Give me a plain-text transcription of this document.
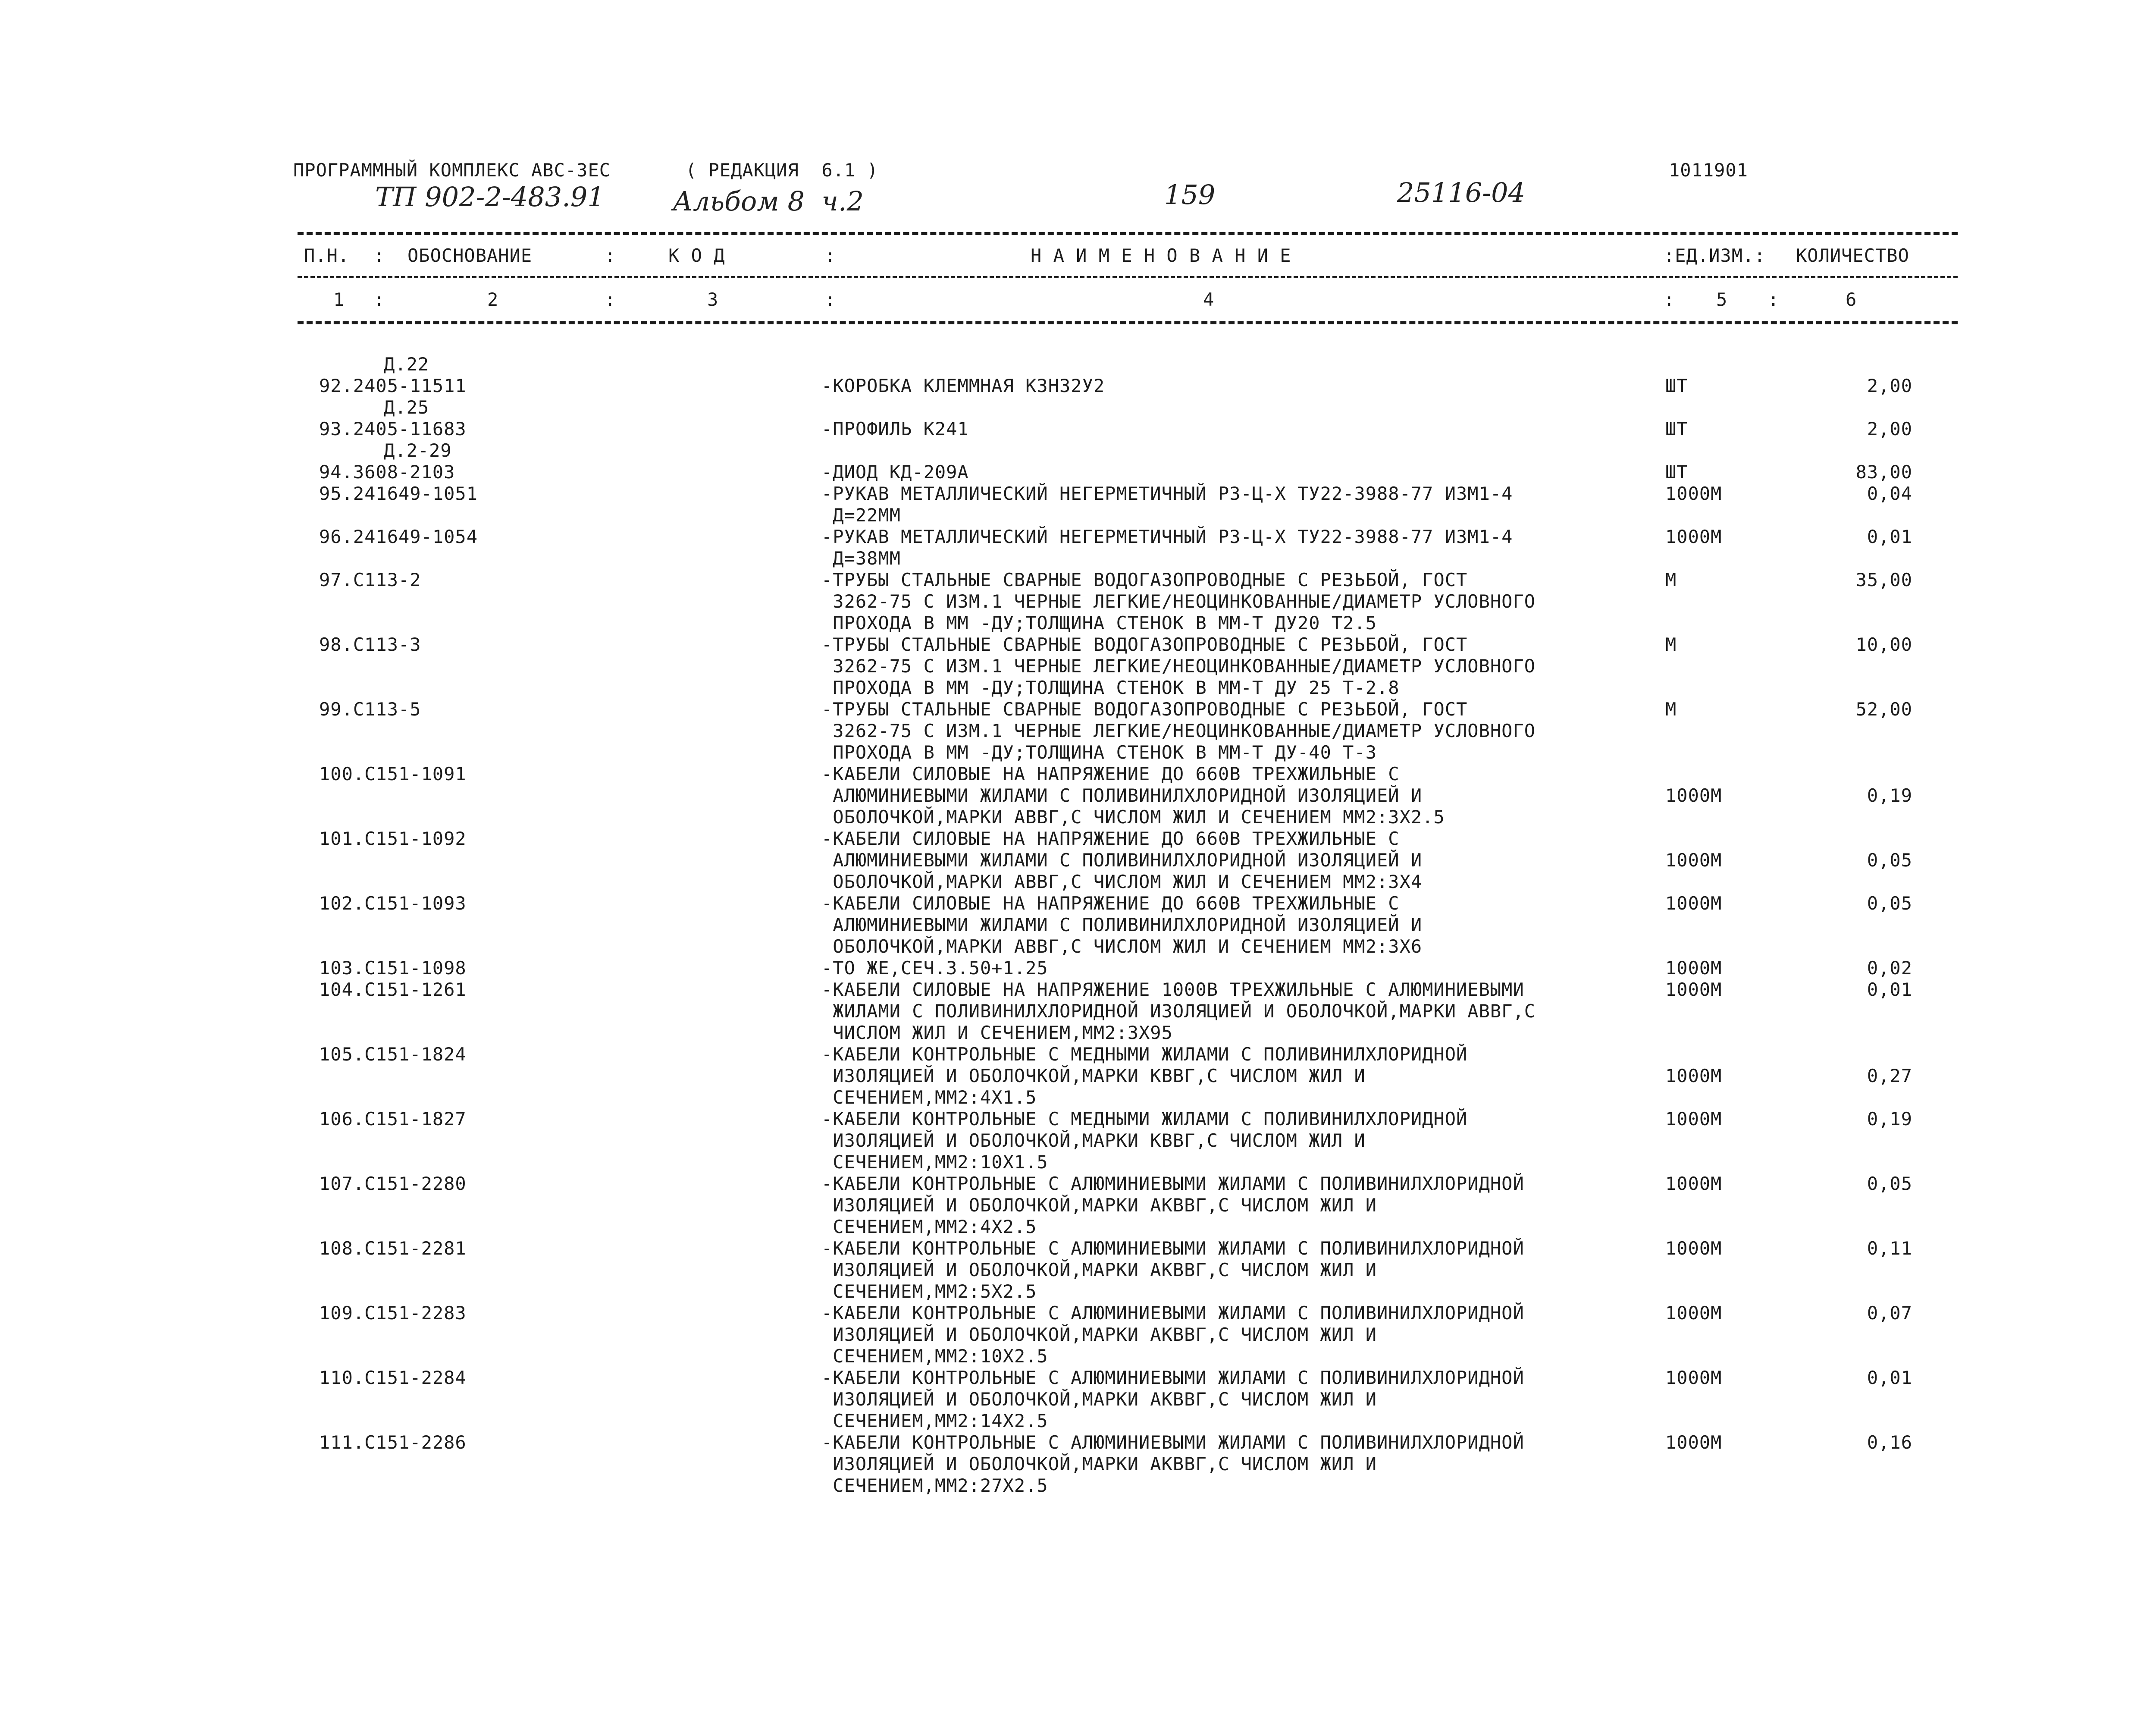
ПРОГРАММНЫЙ КОМПЛЕКС АВС-3ЕС	( РЕДАКЦИЯ  6.1 )	1011901
ТП 902-2-483.91	Альбом 8  ч.2	159	25116-04
П.Н. : ОБОСНОВАНИЕ	:	К О Д	:	Н А И М Е Н О В А Н И Е	:ЕД.ИЗМ.: КОЛИЧЕСТВО
1 :	2	:	3	:	4	: 5 :	6
Д.22
92.2405-11511	-КОРОБКА КЛЕММНАЯ КЗН32У2	ШТ	2,00
Д.25
93.2405-11683	-ПРОФИЛЬ К241	ШТ	2,00
Д.2-29
94.3608-2103	-ДИОД КД-209А	ШТ	83,00
95.241649-1051	-РУКАВ МЕТАЛЛИЧЕСКИЙ НЕГЕРМЕТИЧНЫЙ РЗ-Ц-Х ТУ22-3988-77 ИЗМ1-4
Д=22ММ
1000М	0,04
96.241649-1054	-РУКАВ МЕТАЛЛИЧЕСКИЙ НЕГЕРМЕТИЧНЫЙ РЗ-Ц-Х ТУ22-3988-77 ИЗМ1-4
Д=38ММ
1000М	0,01
97.С113-2	-ТРУБЫ СТАЛЬНЫЕ СВАРНЫЕ ВОДОГАЗОПРОВОДНЫЕ С РЕЗЬБОЙ, ГОСТ
3262-75 С ИЗМ.1 ЧЕРНЫЕ ЛЕГКИЕ/НЕОЦИНКОВАННЫЕ/ДИАМЕТР УСЛОВНОГО
ПРОХОДА В ММ -ДУ;ТОЛЩИНА СТЕНОК В ММ-Т ДУ20 Т2.5
М	35,00
98.С113-3	-ТРУБЫ СТАЛЬНЫЕ СВАРНЫЕ ВОДОГАЗОПРОВОДНЫЕ С РЕЗЬБОЙ, ГОСТ
3262-75 С ИЗМ.1 ЧЕРНЫЕ ЛЕГКИЕ/НЕОЦИНКОВАННЫЕ/ДИАМЕТР УСЛОВНОГО
ПРОХОДА В ММ -ДУ;ТОЛЩИНА СТЕНОК В ММ-Т ДУ 25 Т-2.8
М	10,00
99.С113-5	-ТРУБЫ СТАЛЬНЫЕ СВАРНЫЕ ВОДОГАЗОПРОВОДНЫЕ С РЕЗЬБОЙ, ГОСТ
3262-75 С ИЗМ.1 ЧЕРНЫЕ ЛЕГКИЕ/НЕОЦИНКОВАННЫЕ/ДИАМЕТР УСЛОВНОГО
ПРОХОДА В ММ -ДУ;ТОЛЩИНА СТЕНОК В ММ-Т ДУ-40 Т-3
М	52,00
100.С151-1091	-КАБЕЛИ СИЛОВЫЕ НА НАПРЯЖЕНИЕ ДО 660В ТРЕХЖИЛЬНЫЕ С
АЛЮМИНИЕВЫМИ ЖИЛАМИ С ПОЛИВИНИЛХЛОРИДНОЙ ИЗОЛЯЦИЕЙ И
ОБОЛОЧКОЙ,МАРКИ АВВГ,С ЧИСЛОМ ЖИЛ И СЕЧЕНИЕМ ММ2:3Х2.5
1000М	0,19
101.С151-1092	-КАБЕЛИ СИЛОВЫЕ НА НАПРЯЖЕНИЕ ДО 660В ТРЕХЖИЛЬНЫЕ С
АЛЮМИНИЕВЫМИ ЖИЛАМИ С ПОЛИВИНИЛХЛОРИДНОЙ ИЗОЛЯЦИЕЙ И
ОБОЛОЧКОЙ,МАРКИ АВВГ,С ЧИСЛОМ ЖИЛ И СЕЧЕНИЕМ ММ2:3Х4
1000М	0,05
102.С151-1093	-КАБЕЛИ СИЛОВЫЕ НА НАПРЯЖЕНИЕ ДО 660В ТРЕХЖИЛЬНЫЕ С
АЛЮМИНИЕВЫМИ ЖИЛАМИ С ПОЛИВИНИЛХЛОРИДНОЙ ИЗОЛЯЦИЕЙ И
ОБОЛОЧКОЙ,МАРКИ АВВГ,С ЧИСЛОМ ЖИЛ И СЕЧЕНИЕМ ММ2:3Х6
1000М	0,05
103.С151-1098	-ТО ЖЕ,СЕЧ.3.50+1.25	1000М	0,02
104.С151-1261	-КАБЕЛИ СИЛОВЫЕ НА НАПРЯЖЕНИЕ 1000В ТРЕХЖИЛЬНЫЕ С АЛЮМИНИЕВЫМИ
ЖИЛАМИ С ПОЛИВИНИЛХЛОРИДНОЙ ИЗОЛЯЦИЕЙ И ОБОЛОЧКОЙ,МАРКИ АВВГ,С
ЧИСЛОМ ЖИЛ И СЕЧЕНИЕМ,ММ2:3Х95
1000М	0,01
105.С151-1824	-КАБЕЛИ КОНТРОЛЬНЫЕ С МЕДНЫМИ ЖИЛАМИ С ПОЛИВИНИЛХЛОРИДНОЙ
ИЗОЛЯЦИЕЙ И ОБОЛОЧКОЙ,МАРКИ КВВГ,С ЧИСЛОМ ЖИЛ И
СЕЧЕНИЕМ,ММ2:4Х1.5
1000М	0,27
106.С151-1827	-КАБЕЛИ КОНТРОЛЬНЫЕ С МЕДНЫМИ ЖИЛАМИ С ПОЛИВИНИЛХЛОРИДНОЙ
ИЗОЛЯЦИЕЙ И ОБОЛОЧКОЙ,МАРКИ КВВГ,С ЧИСЛОМ ЖИЛ И
СЕЧЕНИЕМ,ММ2:10Х1.5
1000М	0,19
107.С151-2280	-КАБЕЛИ КОНТРОЛЬНЫЕ С АЛЮМИНИЕВЫМИ ЖИЛАМИ С ПОЛИВИНИЛХЛОРИДНОЙ
ИЗОЛЯЦИЕЙ И ОБОЛОЧКОЙ,МАРКИ АКВВГ,С ЧИСЛОМ ЖИЛ И
СЕЧЕНИЕМ,ММ2:4Х2.5
1000М	0,05
108.С151-2281	-КАБЕЛИ КОНТРОЛЬНЫЕ С АЛЮМИНИЕВЫМИ ЖИЛАМИ С ПОЛИВИНИЛХЛОРИДНОЙ
ИЗОЛЯЦИЕЙ И ОБОЛОЧКОЙ,МАРКИ АКВВГ,С ЧИСЛОМ ЖИЛ И
СЕЧЕНИЕМ,ММ2:5Х2.5
1000М	0,11
109.С151-2283	-КАБЕЛИ КОНТРОЛЬНЫЕ С АЛЮМИНИЕВЫМИ ЖИЛАМИ С ПОЛИВИНИЛХЛОРИДНОЙ
ИЗОЛЯЦИЕЙ И ОБОЛОЧКОЙ,МАРКИ АКВВГ,С ЧИСЛОМ ЖИЛ И
СЕЧЕНИЕМ,ММ2:10Х2.5
1000М	0,07
110.С151-2284	-КАБЕЛИ КОНТРОЛЬНЫЕ С АЛЮМИНИЕВЫМИ ЖИЛАМИ С ПОЛИВИНИЛХЛОРИДНОЙ
ИЗОЛЯЦИЕЙ И ОБОЛОЧКОЙ,МАРКИ АКВВГ,С ЧИСЛОМ ЖИЛ И
СЕЧЕНИЕМ,ММ2:14Х2.5
1000М	0,01
111.С151-2286	-КАБЕЛИ КОНТРОЛЬНЫЕ С АЛЮМИНИЕВЫМИ ЖИЛАМИ С ПОЛИВИНИЛХЛОРИДНОЙ
ИЗОЛЯЦИЕЙ И ОБОЛОЧКОЙ,МАРКИ АКВВГ,С ЧИСЛОМ ЖИЛ И
СЕЧЕНИЕМ,ММ2:27Х2.5
1000М	0,16
